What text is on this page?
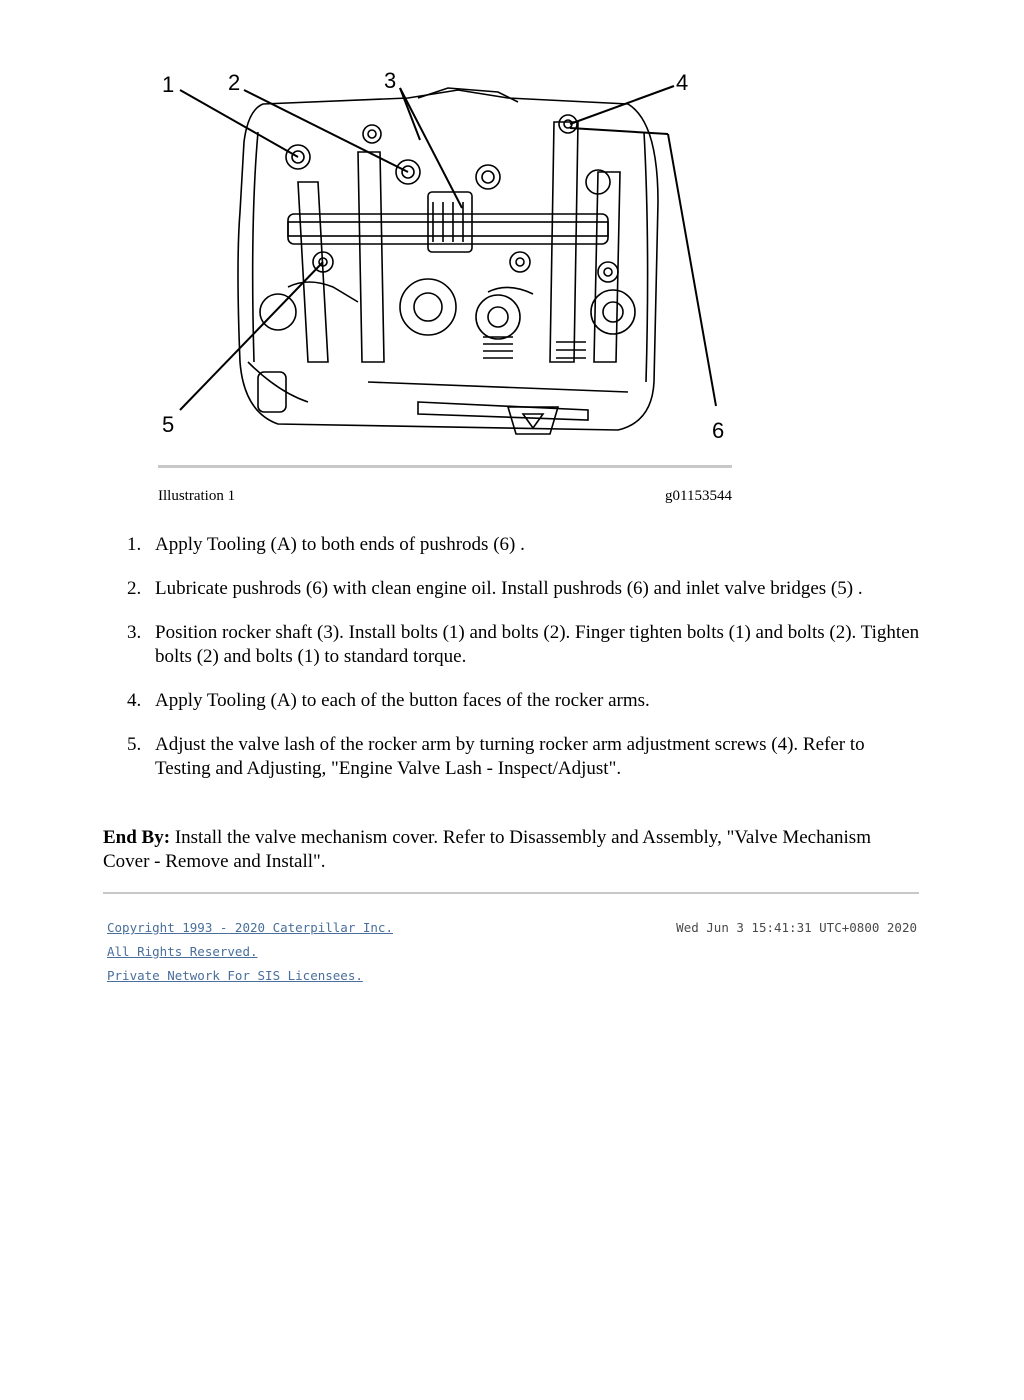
1 2	3	4
5	6
Illustration 1	g01153544
1. Apply Tooling (A) to both ends of pushrods (6) .
2. Lubricate pushrods (6) with clean engine oil. Install pushrods (6) and inlet valve bridges (5) .
3. Position rocker shaft (3). Install bolts (1) and bolts (2). Finger tighten bolts (1) and bolts (2). Tighten bolts (2) and bolts (1) to standard torque.
4. Apply Tooling (A) to each of the button faces of the rocker arms.
5. Adjust the valve lash of the rocker arm by turning rocker arm adjustment screws (4). Refer to Testing and Adjusting, "Engine Valve Lash - Inspect/Adjust".
End By: Install the valve mechanism cover. Refer to Disassembly and Assembly, "Valve Mechanism Cover - Remove and Install".
Copyright 1993 - 2020 Caterpillar Inc.
All Rights Reserved.
Private Network For SIS Licensees.
Wed Jun 3 15:41:31 UTC+0800 2020
